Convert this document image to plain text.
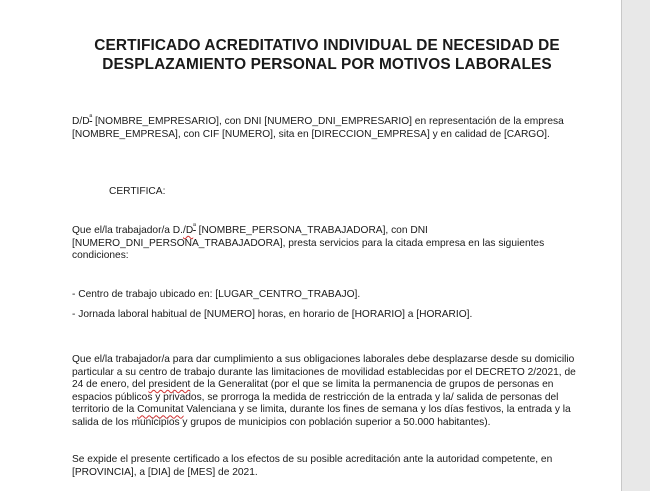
CERTIFICADO ACREDITATIVO INDIVIDUAL DE NECESIDAD DE
DESPLAZAMIENTO PERSONAL POR MOTIVOS LABORALES

$D/D^ª$ [NOMBRE_EMPRESARIO], con DNI [NUMERO_DNI_EMPRESARIO] en representación de la empresa [NOMBRE_EMPRESA], con CIF [NUMERO], sita en [DIRECCION_EMPRESA] y en calidad de [CARGO].

CERTIFICA:

Que el/la trabajador/a $D./D^ª$ [NOMBRE_PERSONA_TRABAJADORA], con DNI [NUMERO_DNI_PERSONA_TRABAJADORA], presta servicios para la citada empresa en las siguientes condiciones:

- Centro de trabajo ubicado en: [LUGAR_CENTRO_TRABAJO].

- Jornada laboral habitual de [NUMERO] horas, en horario de [HORARIO] a [HORARIO].

Que el/la trabajador/a para dar cumplimiento a sus obligaciones laborales debe desplazarse desde su domicilio particular a su centro de trabajo durante las limitaciones de movilidad establecidas por el DECRETO 2/2021, de 24 de enero, del president de la Generalitat (por el que se limita la permanencia de grupos de personas en espacios públicos y privados, se prorroga la medida de restricción de la entrada y la/ salida de personas del territorio de la Comunitat Valenciana y se limita, durante los fines de semana y los días festivos, la entrada y la salida de los municipios y grupos de municipios con población superior a 50.000 habitantes).

Se expide el presente certificado a los efectos de su posible acreditación ante la autoridad competente, en [PROVINCIA], a [DIA] de [MES] de 2021.
